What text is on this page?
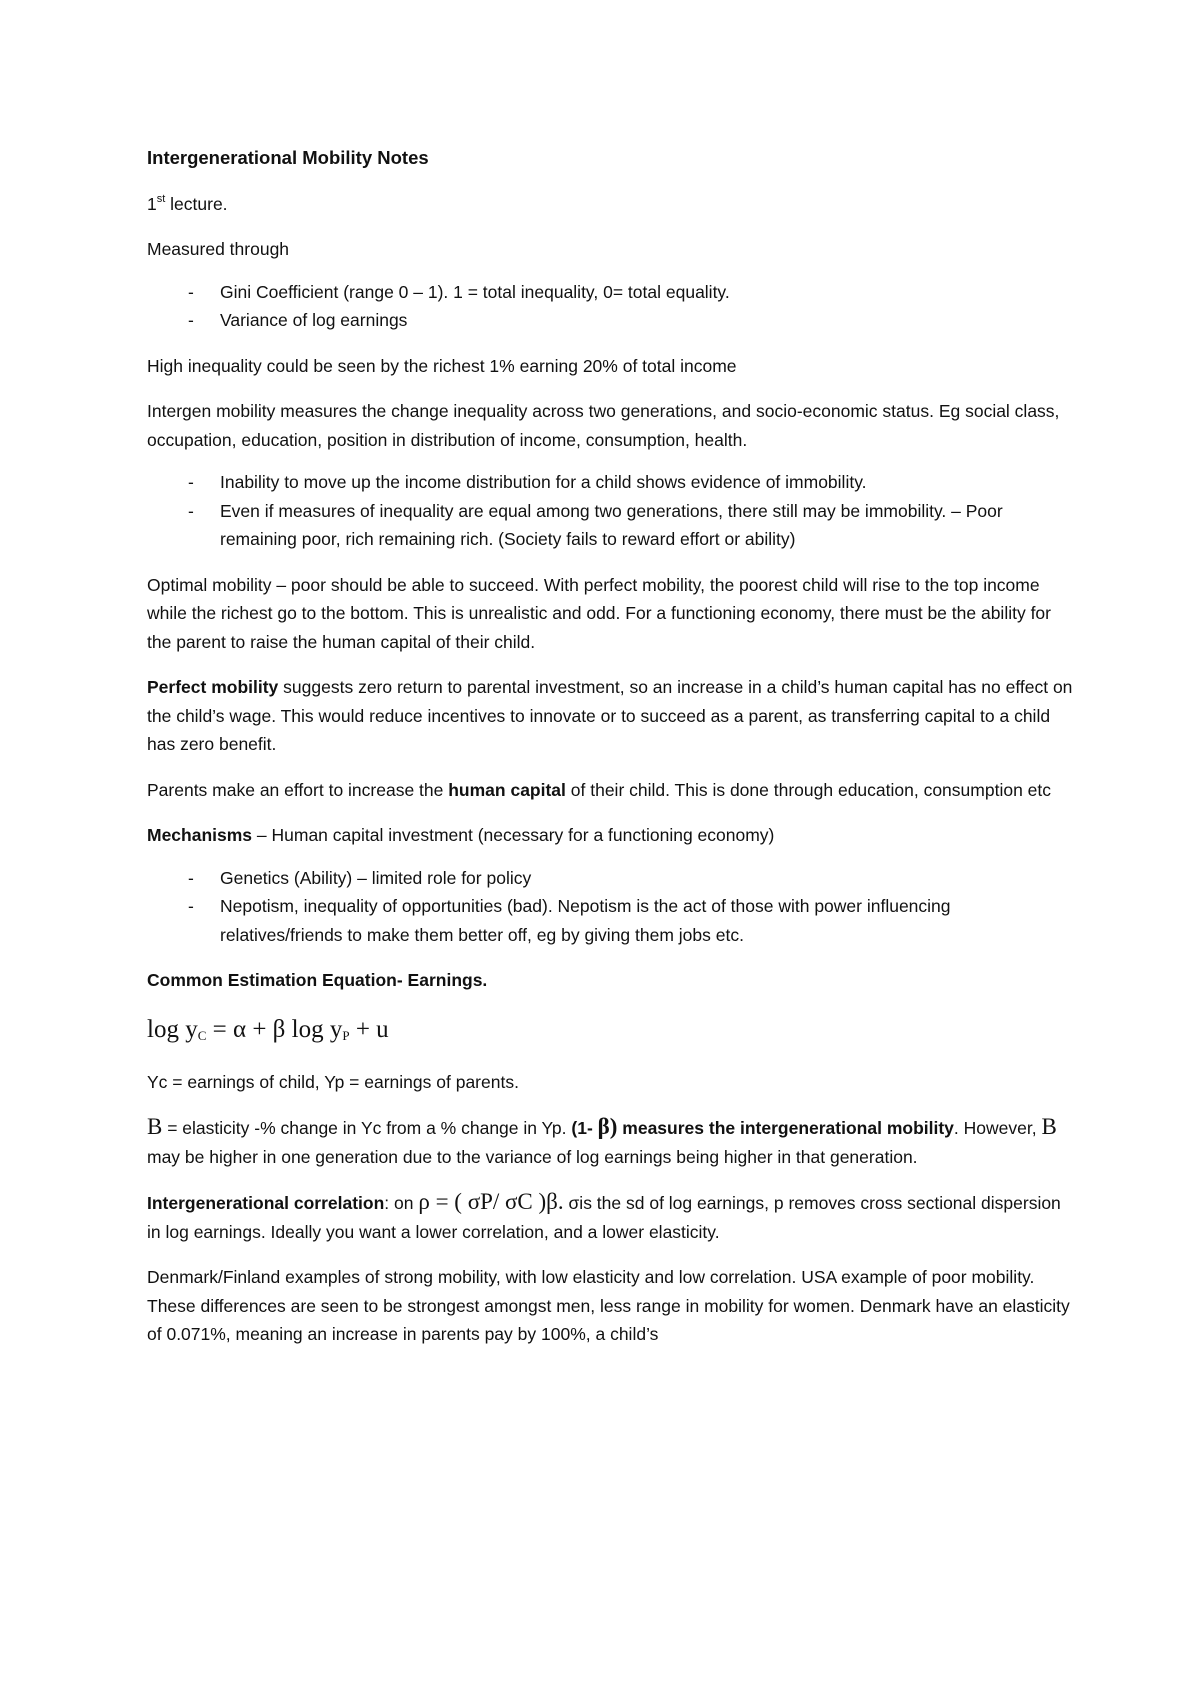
Intergenerational Mobility Notes

1st lecture.

Measured through

- Gini Coefficient (range 0 – 1). 1 = total inequality, 0= total equality.
- Variance of log earnings

High inequality could be seen by the richest 1% earning 20% of total income

Intergen mobility measures the change inequality across two generations, and socio-economic status. Eg social class, occupation, education, position in distribution of income, consumption, health.

- Inability to move up the income distribution for a child shows evidence of immobility.
- Even if measures of inequality are equal among two generations, there still may be immobility. – Poor remaining poor, rich remaining rich. (Society fails to reward effort or ability)

Optimal mobility – poor should be able to succeed. With perfect mobility, the poorest child will rise to the top income while the richest go to the bottom. This is unrealistic and odd. For a functioning economy, there must be the ability for the parent to raise the human capital of their child.

Perfect mobility suggests zero return to parental investment, so an increase in a child’s human capital has no effect on the child’s wage. This would reduce incentives to innovate or to succeed as a parent, as transferring capital to a child has zero benefit.

Parents make an effort to increase the human capital of their child. This is done through education, consumption etc

Mechanisms – Human capital investment (necessary for a functioning economy)

- Genetics (Ability) – limited role for policy
- Nepotism, inequality of opportunities (bad). Nepotism is the act of those with power influencing relatives/friends to make them better off, eg by giving them jobs etc.

Common Estimation Equation- Earnings.

$\log y_C = \alpha + \beta$ $\log y_P + u$

Yc = earnings of child, Yp = earnings of parents.

B = elasticity -% change in Yc from a % change in Yp. (1- β) measures the intergenerational mobility. However, B may be higher in one generation due to the variance of log earnings being higher in that generation.

Intergenerational correlation: on ρ = ( σP/ σC )β. σis the sd of log earnings, p removes cross sectional dispersion in log earnings. Ideally you want a lower correlation, and a lower elasticity.

Denmark/Finland examples of strong mobility, with low elasticity and low correlation. USA example of poor mobility. These differences are seen to be strongest amongst men, less range in mobility for women. Denmark have an elasticity of 0.071%, meaning an increase in parents pay by 100%, a child’s
